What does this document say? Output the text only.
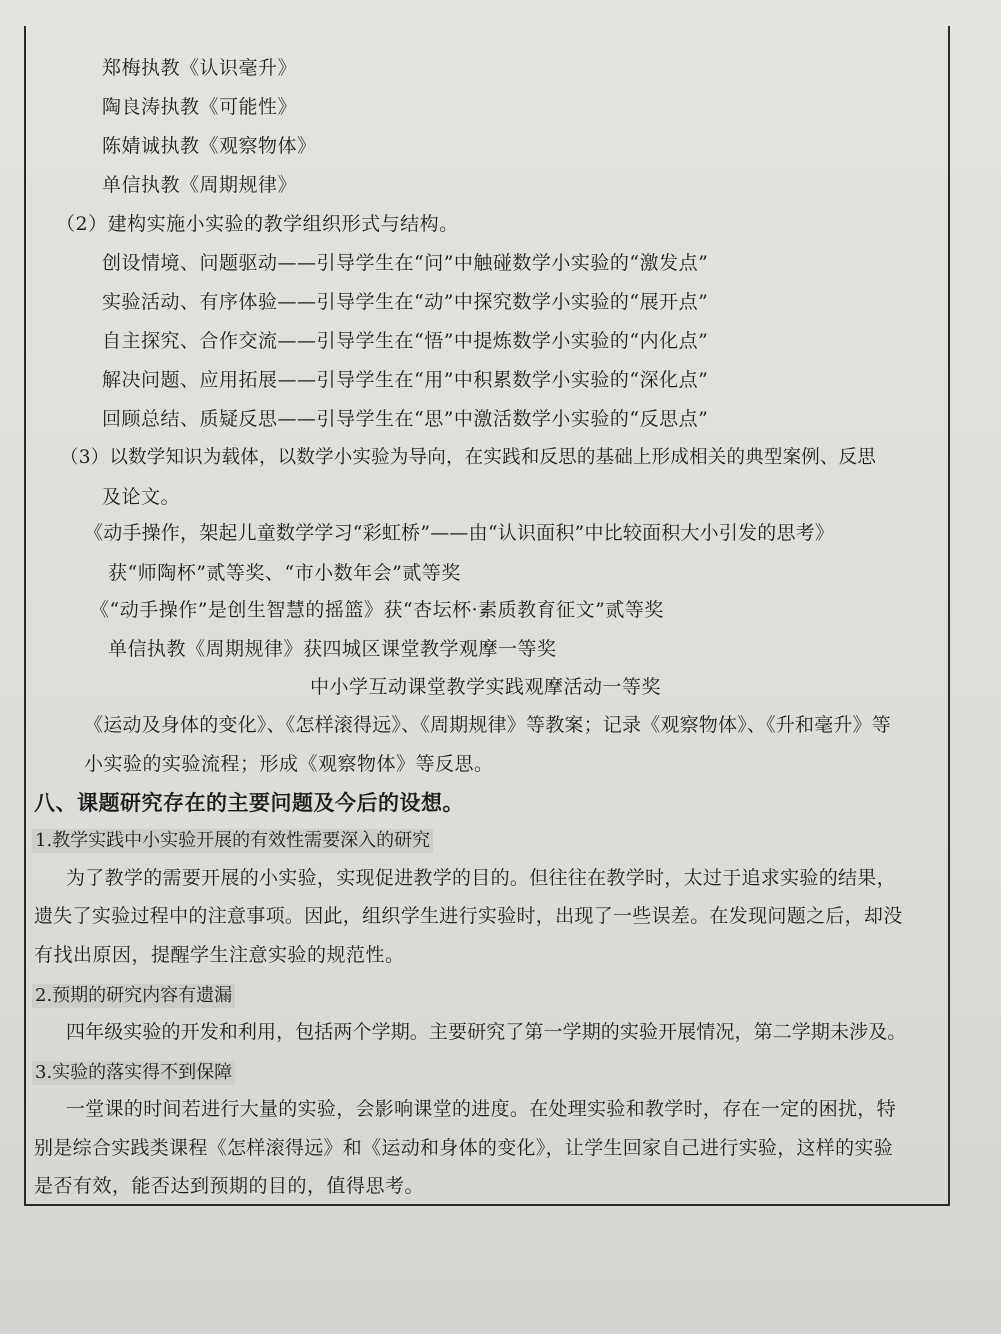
郑梅执教《认识毫升》
陶良涛执教《可能性》
陈婧诚执教《观察物体》
单信执教《周期规律》
（2）建构实施小实验的教学组织形式与结构。
创设情境、问题驱动——引导学生在“问”中触碰数学小实验的“激发点”
实验活动、有序体验——引导学生在“动”中探究数学小实验的“展开点”
自主探究、合作交流——引导学生在“悟”中提炼数学小实验的“内化点”
解决问题、应用拓展——引导学生在“用”中积累数学小实验的“深化点”
回顾总结、质疑反思——引导学生在“思”中激活数学小实验的“反思点”
（3）以数学知识为载体，以数学小实验为导向，在实践和反思的基础上形成相关的典型案例、反思
及论文。
《动手操作，架起儿童数学学习“彩虹桥”——由“认识面积”中比较面积大小引发的思考》
获“师陶杯”贰等奖、“市小数年会”贰等奖
《“动手操作”是创生智慧的摇篮》获“杏坛杯·素质教育征文”贰等奖
单信执教《周期规律》获四城区课堂教学观摩一等奖
中小学互动课堂教学实践观摩活动一等奖
《运动及身体的变化》、《怎样滚得远》、《周期规律》等教案；记录《观察物体》、《升和毫升》等
小实验的实验流程；形成《观察物体》等反思。
八、课题研究存在的主要问题及今后的设想。
1.教学实践中小实验开展的有效性需要深入的研究
为了教学的需要开展的小实验，实现促进教学的目的。但往往在教学时，太过于追求实验的结果，
遗失了实验过程中的注意事项。因此，组织学生进行实验时，出现了一些误差。在发现问题之后，却没
有找出原因，提醒学生注意实验的规范性。
2.预期的研究内容有遗漏
四年级实验的开发和利用，包括两个学期。主要研究了第一学期的实验开展情况，第二学期未涉及。
3.实验的落实得不到保障
一堂课的时间若进行大量的实验，会影响课堂的进度。在处理实验和教学时，存在一定的困扰，特
别是综合实践类课程《怎样滚得远》和《运动和身体的变化》，让学生回家自己进行实验，这样的实验
是否有效，能否达到预期的目的，值得思考。
